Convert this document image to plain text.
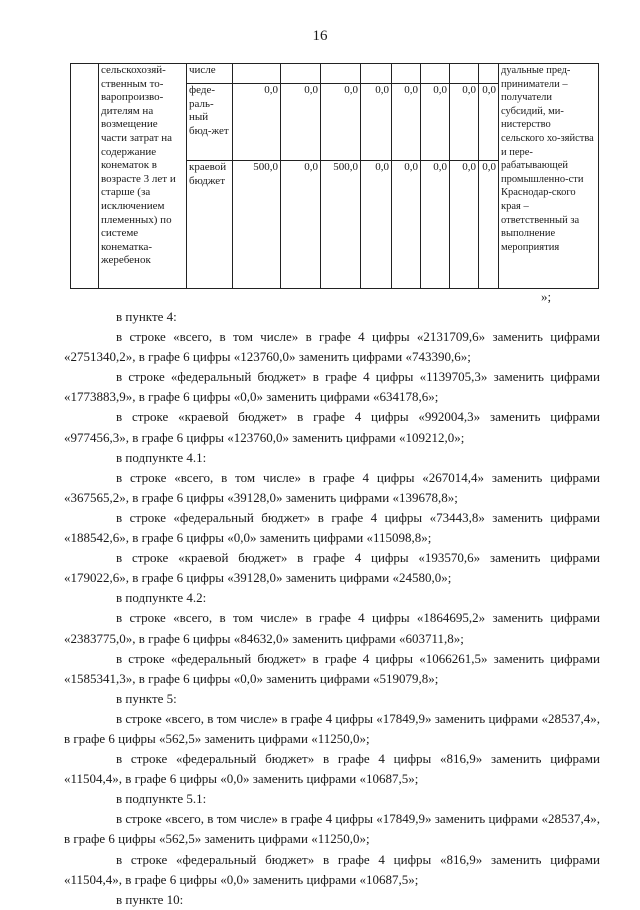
16
	сельскохозяй-ственным то-варопроизво-дителям на возмещение части затрат на содержание конематок в возрасте 3 лет и старше (за исключением племенных) по системе конематка-жеребенок	числе									дуальные пред-приниматели – получатели субсидий, ми-нистерство сельского хо-зяйства и пере-рабатывающей промышленно-сти Краснодар-ского края – ответственный за выполнение мероприятия
		феде-раль-ный бюд-жет	0,0	0,0	0,0	0,0	0,0	0,0	0,0	0,0	
		краевой бюджет	500,0	0,0	500,0	0,0	0,0	0,0	0,0	0,0	
»;

в пункте 4:

в строке «всего, в том числе» в графе 4 цифры «2131709,6» заменить цифрами «2751340,2», в графе 6 цифры «123760,0» заменить цифрами «743390,6»;

в строке «федеральный бюджет» в графе 4 цифры «1139705,3» заменить цифрами «1773883,9», в графе 6 цифры «0,0» заменить цифрами «634178,6»;

в строке «краевой бюджет» в графе 4 цифры «992004,3» заменить цифрами «977456,3», в графе 6 цифры «123760,0» заменить цифрами «109212,0»;

в подпункте 4.1:

в строке «всего, в том числе» в графе 4 цифры «267014,4» заменить цифрами «367565,2», в графе 6 цифры «39128,0» заменить цифрами «139678,8»;

в строке «федеральный бюджет» в графе 4 цифры «73443,8» заменить цифрами «188542,6», в графе 6 цифры «0,0» заменить цифрами «115098,8»;

в строке «краевой бюджет» в графе 4 цифры «193570,6» заменить цифрами «179022,6», в графе 6 цифры «39128,0» заменить цифрами «24580,0»;

в подпункте 4.2:

в строке «всего, в том числе» в графе 4 цифры «1864695,2» заменить цифрами «2383775,0», в графе 6 цифры «84632,0» заменить цифрами «603711,8»;

в строке «федеральный бюджет» в графе 4 цифры «1066261,5» заменить цифрами «1585341,3», в графе 6 цифры «0,0» заменить цифрами «519079,8»;

в пункте 5:

в строке «всего, в том числе» в графе 4 цифры «17849,9» заменить цифрами «28537,4», в графе 6 цифры «562,5» заменить цифрами «11250,0»;

в строке «федеральный бюджет» в графе 4 цифры «816,9» заменить цифрами «11504,4», в графе 6 цифры «0,0» заменить цифрами «10687,5»;

в подпункте 5.1:

в строке «всего, в том числе» в графе 4 цифры «17849,9» заменить цифрами «28537,4», в графе 6 цифры «562,5» заменить цифрами «11250,0»;

в строке «федеральный бюджет» в графе 4 цифры «816,9» заменить цифрами «11504,4», в графе 6 цифры «0,0» заменить цифрами «10687,5»;

в пункте 10:
